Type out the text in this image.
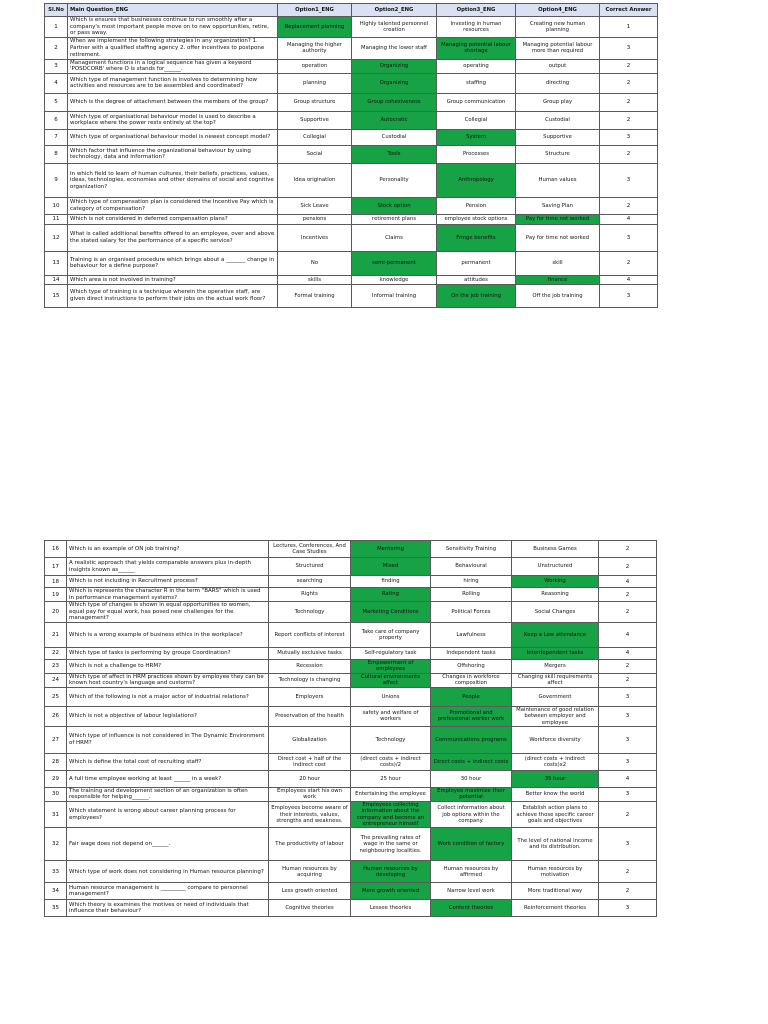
Sl.No	Main Question_ENG	Option1_ENG	Option2_ENG	Option3_ENG	Option4_ENG	Correct Answer
1	Which is ensures that businesses continue to run smoothly after a company's most important people move on to new opportunities, retire, or pass away.	Replacement planning	Highly talented personnel creation	Investing in human resources	Creating new human planning	1
2	When we implement the following strategies in any organization? 1. Partner with a qualified staffing agency 2. offer incentives to postpone retirement.	Managing the higher authority	Managing the lower staff	Managing potential labour shortage	Managing potential labour more than required	3
3	Management functions in a logical sequence has given a keyword 'POSDCORB' where O is stands for______.	operation	Organizing	operating	output	2
4	Which type of management function is involves to determining how activities and resources are to be assembled and coordinated?	planning	Organizing	staffing	directing	2
5	Which is the degree of attachment between the members of the group?	Group structure	Group cohesiveness	Group communication	Group play	2
6	Which type of organisational behaviour model is used to describe a workplace where the power rests entirely at the top?	Supportive	Autocratic	Collegial	Custodial	2
7	Which type of organisational behaviour model is newest concept model?	Collegial	Custodial	System	Supportive	3
8	Which factor that influence the organizational behaviour by using technology, data and information?	Social	Tools	Processes	Structure	2
9	In which field to learn of human cultures, their beliefs, practices, values, ideas, technologies, economies and other domains of social and cognitive organization?	Idea origination	Personality	Anthropology	Human values	3
10	Which type of compensation plan is considered the Incentive Pay which is category of compensation?	Sick Leave	Stock option	Pension	Saving Plan	2
11	Which is not considered in deferred compensation plans?	pensions	retirement plans	employee stock options	Pay for time not worked	4
12	What is called additional benefits offered to an employee, over and above the stated salary for the performance of a specific service?	Incentives	Claims	Fringe benefits	Pay for time not worked	3
13	Training is an organised procedure which brings about a _______ change in behaviour for a define purpose?	No	semi-permanent	permanent	skill	2
14	Which area is not involved in training?	skills	knowledge	attitudes	finance	4
15	Which type of training is a technique wherein the operative staff, are given direct instructions to perform their jobs on the actual work floor?	Formal training	Informal training	On the job training	Off the job training	3
16	Which is an example of ON job training?	Lectures, Conferences, And Case Studies	Mentoring	Sensitivity Training	Business Games	2
17	A realistic approach that yields comparable answers plus in-depth insights known as______	Structured	Mixed	Behavioural	Unstructured	2
18	Which is not including in Recruitment process?	searching	finding	hiring	Working	4
19	Which is represents the character R in the term "BARS" which is used in performance management systems?	Rights	Rating	Rolling	Reasoning	2
20	Which type of changes is shown in equal opportunities to women, equal pay for equal work, has posed new challenges for the management?	Technology	Marketing Conditions	Political Forces	Social Changes	2
21	Which is a wrong example of business ethics in the workplace?	Report conflicts of interest	Take care of company property	Lawfulness	Keep a Low attendance	4
22	Which type of tasks is performing by groups Coordination?	Mutually exclusive tasks	Self-regulatory task	Independent tasks	Interdependent tasks	4
23	Which is not a challenge to HRM?	Recession	Empowerment of employees	Offshoring	Mergers	2
24	Which type of affect in HRM practices shown by employee they can be known host country's language and customs?	Technology is changing	Cultural environments affect	Changes in workforce composition	Changing skill requirements affect	2
25	Which of the following is not a major actor of industrial relations?	Employers	Unions	People	Government	3
26	Which is not a objective of labour legislations?	Preservation of the health	safety and welfare of workers	Promotional and professional worker work	Maintenance of good relation between employer and employee	3
27	Which type of influence is not considered in The Dynamic Environment of HRM?	Globalization	Technology	Communications programs	Workforce diversity	3
28	Which is define the total cost of recruiting staff?	Direct cost + half of the indirect cost	(direct costs + indirect costs)/2	Direct costs + indirect costs	(direct costs + indirect costs)x2	3
29	A full time employee working at least ______ in a week?	20 hour	25 hour	30 hour	35 hour	4
30	The training and development section of an organization is often responsible for helping______.	Employees start his own work	Entertaining the employee	Employee maximize their potential	Better know the world	3
31	Which statement is wrong about career planning process for employees?	Employees become aware of their interests, values, strengths and weakness.	Employees collecting information about the company and become an entrepreneur himself	Collect information about job options within the company.	Establish action plans to achieve those specific career goals and objectives	2
32	Fair wage does not depend on______.	The productivity of labour	The prevailing rates of wage in the same or neighbouring localities.	Work condition of factory	The level of national income and its distribution.	3
33	Which type of work does not considering in Human resource planning?	Human resources by acquiring	Human resources by developing	Human resources by affirmed	Human resources by motivation	2
34	Human resource management is _________ compare to personnel management?	Less growth oriented	More growth oriented	Narrow level work	More traditional way	2
35	Which theory is examines the motives or need of individuals that influence their behaviour?	Cognitive theories	Lessee theories	Content theories	Reinforcement theories	3
